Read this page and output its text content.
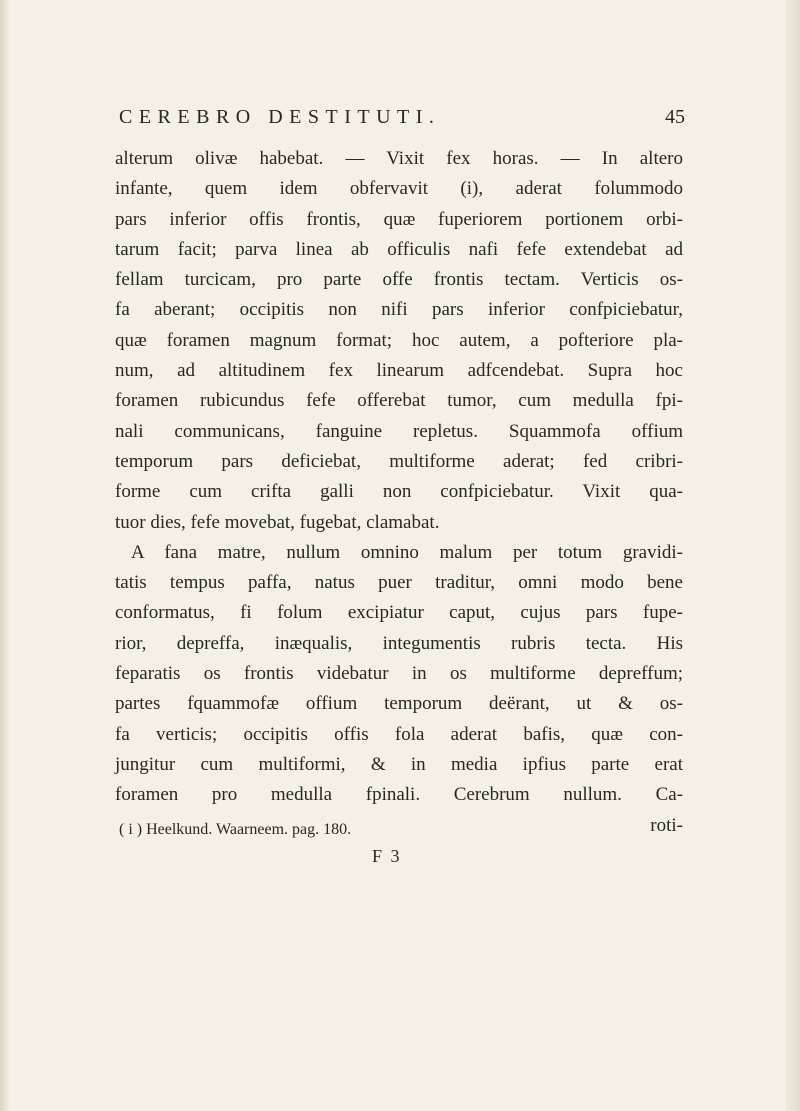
CEREBRO DESTITUTI.	45
alterum olivæ habebat. — Vixit fex horas. — In altero
infante, quem idem obfervavit (i), aderat folummodo
pars inferior offis frontis, quæ fuperiorem portionem orbi-
tarum facit; parva linea ab officulis nafi fefe extendebat ad
fellam turcicam, pro parte offe frontis tectam. Verticis os-
fa aberant; occipitis non nifi pars inferior confpiciebatur,
quæ foramen magnum format; hoc autem, a pofteriore pla-
num, ad altitudinem fex linearum adfcendebat. Supra hoc
foramen rubicundus fefe offerebat tumor, cum medulla fpi-
nali communicans, fanguine repletus. Squammofa offium
temporum pars deficiebat, multiforme aderat; fed cribri-
forme cum crifta galli non confpiciebatur. Vixit qua-
tuor dies, fefe movebat, fugebat, clamabat.
A fana matre, nullum omnino malum per totum gravidi-
tatis tempus paffa, natus puer traditur, omni modo bene
conformatus, fi folum excipiatur caput, cujus pars fupe-
rior, depreffa, inæqualis, integumentis rubris tecta. His
feparatis os frontis videbatur in os multiforme depreffum;
partes fquammofæ offium temporum deërant, ut & os-
fa verticis; occipitis offis fola aderat bafis, quæ con-
jungitur cum multiformi, & in media ipfius parte erat
foramen pro medulla fpinali. Cerebrum nullum. Ca-
roti-
( i ) Heelkund. Waarneem. pag. 180.
F 3
